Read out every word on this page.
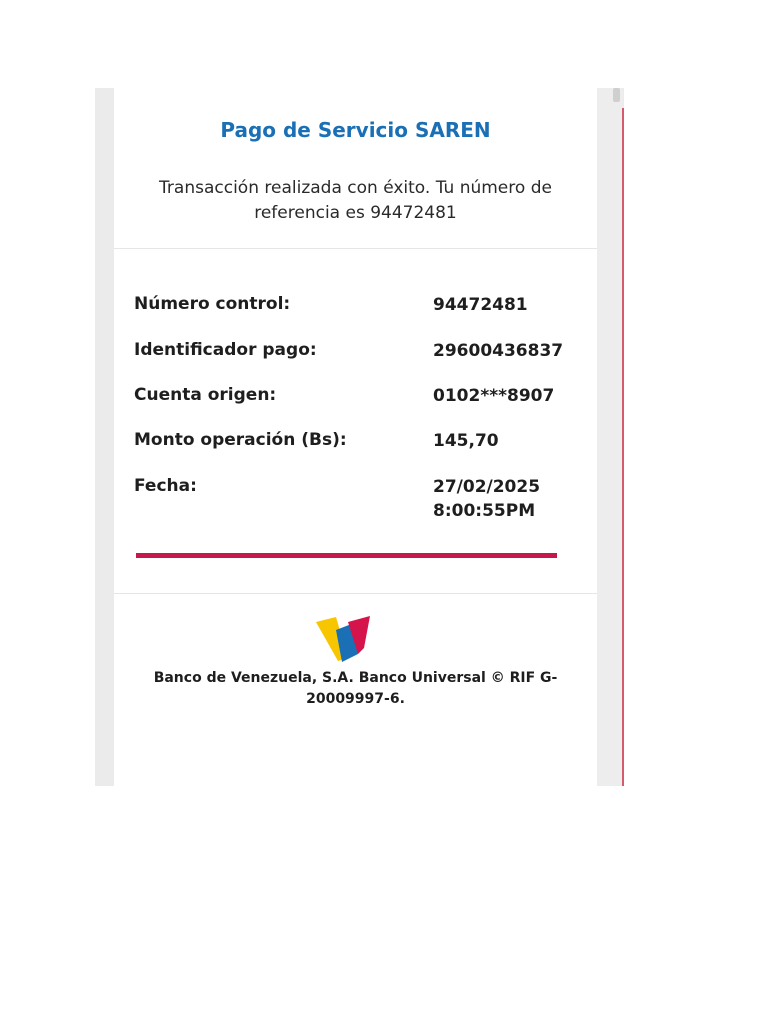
Pago de Servicio SAREN
Transacción realizada con éxito. Tu número de referencia es 94472481
Número control:	94472481
Identificador pago:	29600436837
Cuenta origen:	0102***8907
Monto operación (Bs):	145,70
Fecha:	27/02/2025
8:00:55PM
Banco de Venezuela, S.A. Banco Universal © RIF G-20009997-6.
